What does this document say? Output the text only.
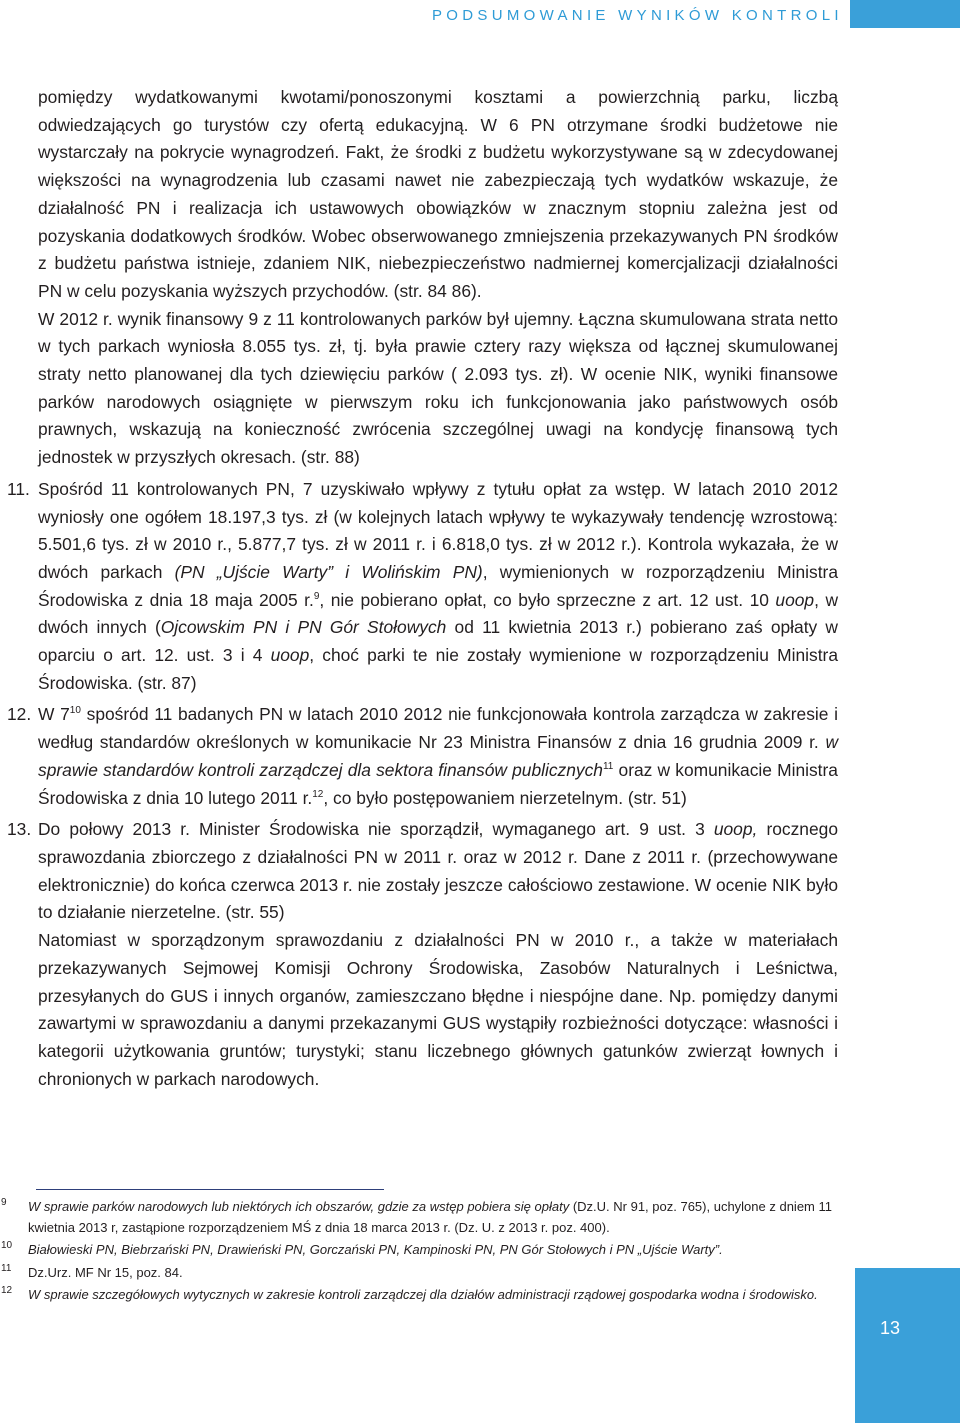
PODSUMOWANIE WYNIKÓW KONTROLI

pomiędzy wydatkowanymi kwotami/ponoszonymi kosztami a powierzchnią parku, liczbą odwiedzających go turystów czy ofertą edukacyjną. W 6 PN otrzymane środki budżetowe nie wystarczały na pokrycie wynagrodzeń. Fakt, że środki z budżetu wykorzystywane są w zdecydowanej większości na wynagrodzenia lub czasami nawet nie zabezpieczają tych wydatków wskazuje, że działalność PN i realizacja ich ustawowych obowiązków w znacznym stopniu zależna jest od pozyskania dodatkowych środków. Wobec obserwowanego zmniejszenia przekazywanych PN środków z budżetu państwa istnieje, zdaniem NIK, niebezpieczeństwo nadmiernej komercjalizacji działalności PN w celu pozyskania wyższych przychodów. (str. 84 86).

W 2012 r. wynik finansowy 9 z 11 kontrolowanych parków był ujemny. Łączna skumulowana strata netto w tych parkach wyniosła 8.055 tys. zł, tj. była prawie cztery razy większa od łącznej skumulowanej straty netto planowanej dla tych dziewięciu parków ( 2.093 tys. zł). W ocenie NIK, wyniki finansowe parków narodowych osiągnięte w pierwszym roku ich funkcjonowania jako państwowych osób prawnych, wskazują na konieczność zwrócenia szczególnej uwagi na kondycję finansową tych jednostek w przyszłych okresach. (str. 88)

11. Spośród 11 kontrolowanych PN, 7 uzyskiwało wpływy z tytułu opłat za wstęp. W latach 2010 2012 wyniosły one ogółem 18.197,3 tys. zł (w kolejnych latach wpływy te wykazywały tendencję wzrostową: 5.501,6 tys. zł w 2010 r., 5.877,7 tys. zł w 2011 r. i 6.818,0 tys. zł w 2012 r.). Kontrola wykazała, że w dwóch parkach (PN „Ujście Warty” i Wolińskim PN), wymienionych w rozporządzeniu Ministra Środowiska z dnia 18 maja 2005 r.$^9$, nie pobierano opłat, co było sprzeczne z art. 12 ust. 10 uoop, w dwóch innych (Ojcowskim PN i PN Gór Stołowych od 11 kwietnia 2013 r.) pobierano zaś opłaty w oparciu o art. 12. ust. 3 i 4 uoop, choć parki te nie zostały wymienione w rozporządzeniu Ministra Środowiska. (str. 87)

12. W $7^{10}$ spośród 11 badanych PN w latach 2010 2012 nie funkcjonowała kontrola zarządcza w zakresie i według standardów określonych w komunikacie Nr 23 Ministra Finansów z dnia 16 grudnia 2009 r. w sprawie standardów kontroli zarządczej dla sektora finansów publicznych$^{11}$ oraz w komunikacie Ministra Środowiska z dnia 10 lutego 2011 r.$^{12}$, co było postępowaniem nierzetelnym. (str. 51)

13. Do połowy 2013 r. Minister Środowiska nie sporządził, wymaganego art. 9 ust. 3 uoop, rocznego sprawozdania zbiorczego z działalności PN w 2011 r. oraz w 2012 r. Dane z 2011 r. (przechowywane elektronicznie) do końca czerwca 2013 r. nie zostały jeszcze całościowo zestawione. W ocenie NIK było to działanie nierzetelne. (str. 55)

Natomiast w sporządzonym sprawozdaniu z działalności PN w 2010 r., a także w materiałach przekazywanych Sejmowej Komisji Ochrony Środowiska, Zasobów Naturalnych i Leśnictwa, przesyłanych do GUS i innych organów, zamieszczano błędne i niespójne dane. Np. pomiędzy danymi zawartymi w sprawozdaniu a danymi przekazanymi GUS wystąpiły rozbieżności dotyczące: własności i kategorii użytkowania gruntów; turystyki; stanu liczebnego głównych gatunków zwierząt łownych i chronionych w parkach narodowych.

9 W sprawie parków narodowych lub niektórych ich obszarów, gdzie za wstęp pobiera się opłaty (Dz.U. Nr 91, poz. 765), uchylone z dniem 11 kwietnia 2013 r, zastąpione rozporządzeniem MŚ z dnia 18 marca 2013 r. (Dz. U. z 2013 r. poz. 400).
10 Białowieski PN, Biebrzański PN, Drawieński PN, Gorczański PN, Kampinoski PN, PN Gór Stołowych i PN „Ujście Warty”.
11 Dz.Urz. MF Nr 15, poz. 84.
12 W sprawie szczegółowych wytycznych w zakresie kontroli zarządczej dla działów administracji rządowej gospodarka wodna i środowisko.
13
